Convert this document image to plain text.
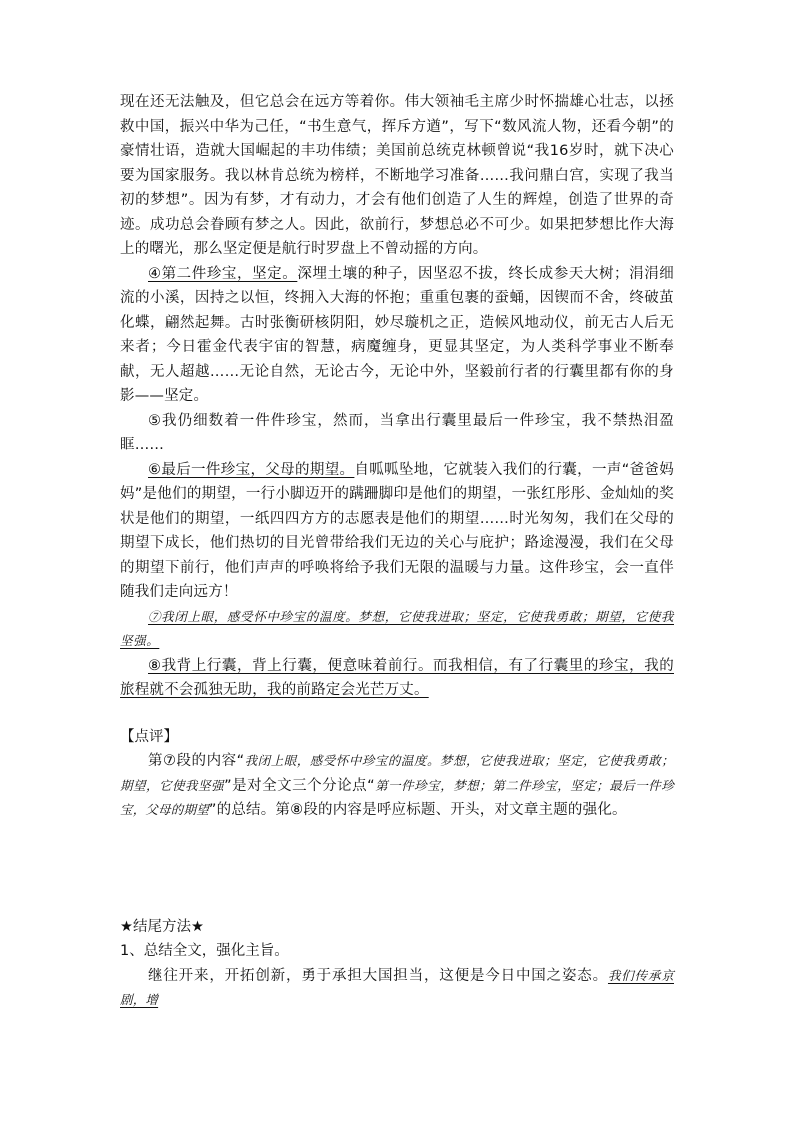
现在还无法触及，但它总会在远方等着你。伟大领袖毛主席少时怀揣雄心壮志，以拯救中国，振兴中华为己任，“书生意气，挥斥方遒”，写下“数风流人物，还看今朝”的豪情壮语，造就大国崛起的丰功伟绩；美国前总统克林顿曾说“我16岁时，就下决心要为国家服务。我以林肯总统为榜样，不断地学习准备……我问鼎白宫，实现了我当初的梦想”。因为有梦，才有动力，才会有他们创造了人生的辉煌，创造了世界的奇迹。成功总会眷顾有梦之人。因此，欲前行，梦想总必不可少。如果把梦想比作大海上的曙光，那么坚定便是航行时罗盘上不曾动摇的方向。

④第二件珍宝，坚定。深埋土壤的种子，因坚忍不拔，终长成参天大树；涓涓细流的小溪，因持之以恒，终拥入大海的怀抱；重重包裹的蚕蛹，因锲而不舍，终破茧化蝶，翩然起舞。古时张衡研核阴阳，妙尽璇机之正，造候风地动仪，前无古人后无来者；今日霍金代表宇宙的智慧，病魔缠身，更显其坚定，为人类科学事业不断奉献，无人超越……无论自然，无论古今，无论中外，坚毅前行者的行囊里都有你的身影——坚定。

⑤我仍细数着一件件珍宝，然而，当拿出行囊里最后一件珍宝，我不禁热泪盈眶……

⑥最后一件珍宝，父母的期望。自呱呱坠地，它就装入我们的行囊，一声“爸爸妈妈”是他们的期望，一行小脚迈开的蹒跚脚印是他们的期望，一张红彤彤、金灿灿的奖状是他们的期望，一纸四四方方的志愿表是他们的期望……时光匆匆，我们在父母的期望下成长，他们热切的目光曾带给我们无边的关心与庇护；路途漫漫，我们在父母的期望下前行，他们声声的呼唤将给予我们无限的温暖与力量。这件珍宝，会一直伴随我们走向远方！

⑦我闭上眼，感受怀中珍宝的温度。梦想，它使我进取；坚定，它使我勇敢；期望，它使我坚强。

⑧我背上行囊，背上行囊，便意味着前行。而我相信，有了行囊里的珍宝，我的旅程就不会孤独无助，我的前路定会光芒万丈。

【点评】

第⑦段的内容“我闭上眼，感受怀中珍宝的温度。梦想，它使我进取；坚定，它使我勇敢；期望，它使我坚强”是对全文三个分论点“第一件珍宝，梦想；第二件珍宝，坚定；最后一件珍宝，父母的期望”的总结。第⑧段的内容是呼应标题、开头，对文章主题的强化。

★结尾方法★

1、总结全文，强化主旨。

继往开来，开拓创新，勇于承担大国担当，这便是今日中国之姿态。我们传承京剧，增
